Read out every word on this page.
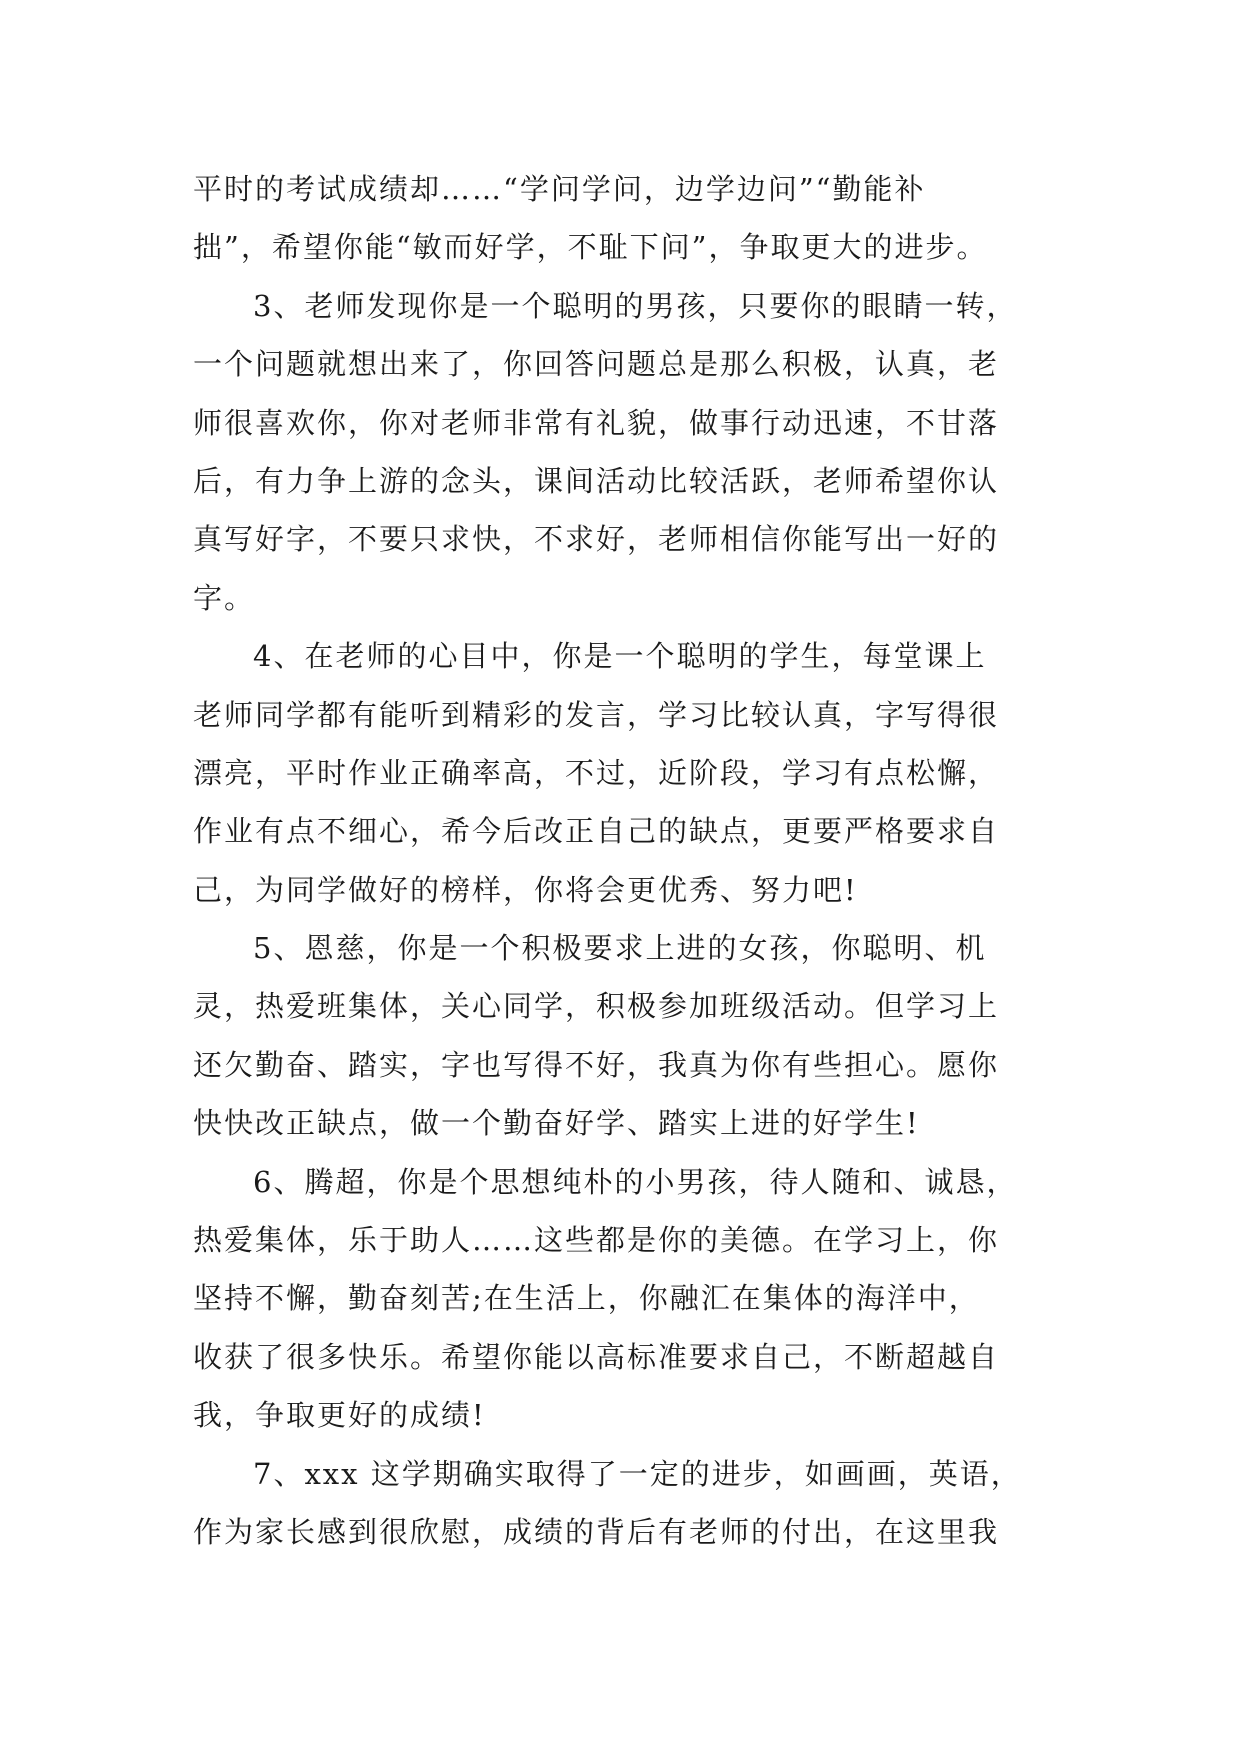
平时的考试成绩却……“学问学问，边学边问”“勤能补
拙”，希望你能“敏而好学，不耻下问”，争取更大的进步。
3、老师发现你是一个聪明的男孩，只要你的眼睛一转，
一个问题就想出来了，你回答问题总是那么积极，认真，老
师很喜欢你，你对老师非常有礼貌，做事行动迅速，不甘落
后，有力争上游的念头，课间活动比较活跃，老师希望你认
真写好字，不要只求快，不求好，老师相信你能写出一好的
字。
4、在老师的心目中，你是一个聪明的学生，每堂课上
老师同学都有能听到精彩的发言，学习比较认真，字写得很
漂亮，平时作业正确率高，不过，近阶段，学习有点松懈，
作业有点不细心，希今后改正自己的缺点，更要严格要求自
己，为同学做好的榜样，你将会更优秀、努力吧!
5、恩慈，你是一个积极要求上进的女孩，你聪明、机
灵，热爱班集体，关心同学，积极参加班级活动。但学习上
还欠勤奋、踏实，字也写得不好，我真为你有些担心。愿你
快快改正缺点，做一个勤奋好学、踏实上进的好学生!
6、腾超，你是个思想纯朴的小男孩，待人随和、诚恳，
热爱集体，乐于助人……这些都是你的美德。在学习上，你
坚持不懈，勤奋刻苦;在生活上，你融汇在集体的海洋中，
收获了很多快乐。希望你能以高标准要求自己，不断超越自
我，争取更好的成绩!
7、xxx 这学期确实取得了一定的进步，如画画，英语，
作为家长感到很欣慰，成绩的背后有老师的付出，在这里我
